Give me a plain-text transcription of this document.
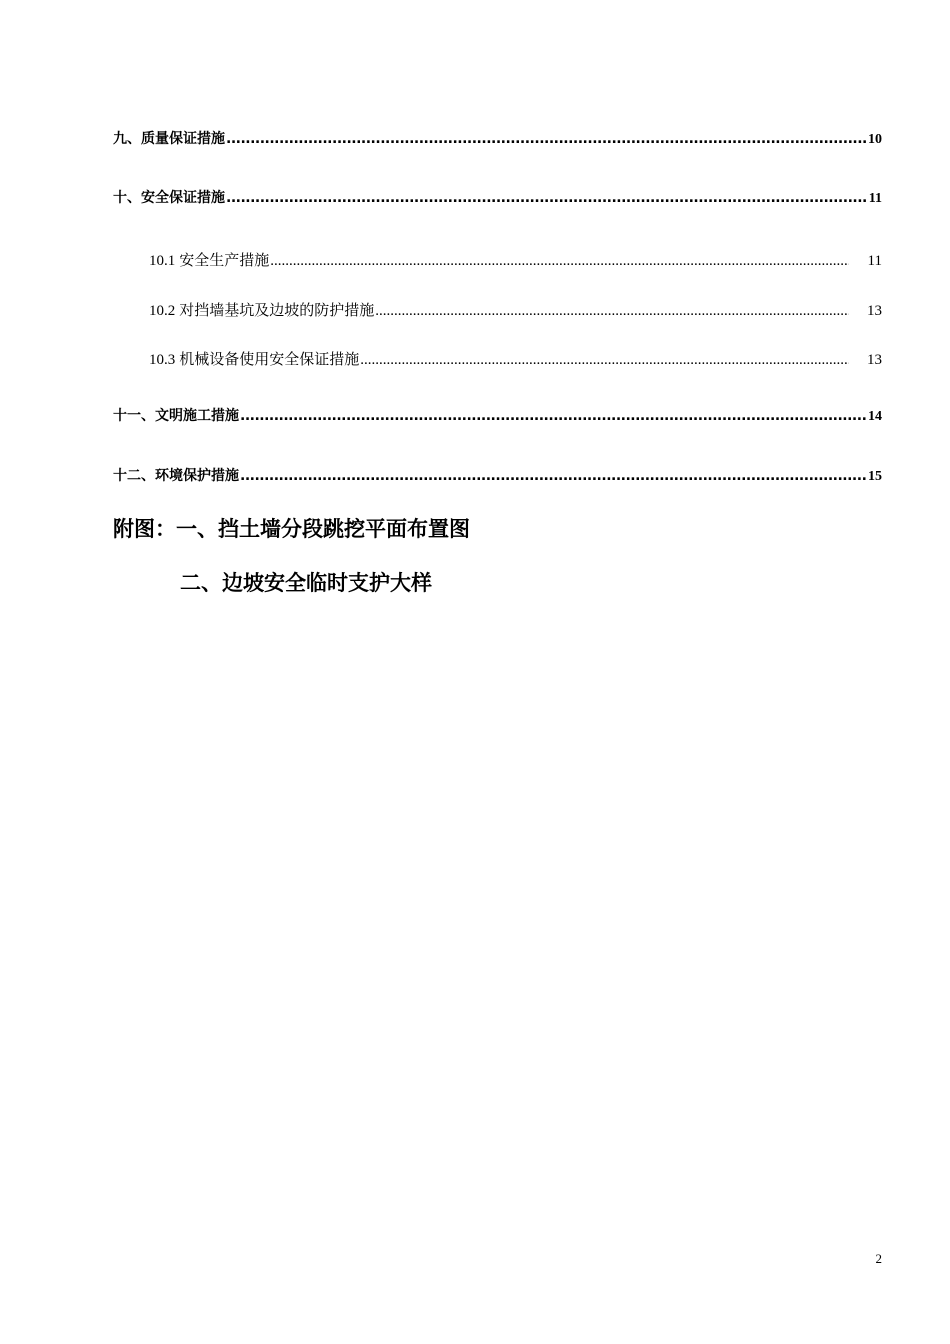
九、质量保证措施 .....	10
十、安全保证措施 .....	11
10.1 安全生产措施 .....	11
10.2 对挡墙基坑及边坡的防护措施 .....	13
10.3 机械设备使用安全保证措施 .....	13
十一、文明施工措施 .....	14
十二、环境保护措施 .....	15
附图：一、挡土墙分段跳挖平面布置图
二、边坡安全临时支护大样
2
